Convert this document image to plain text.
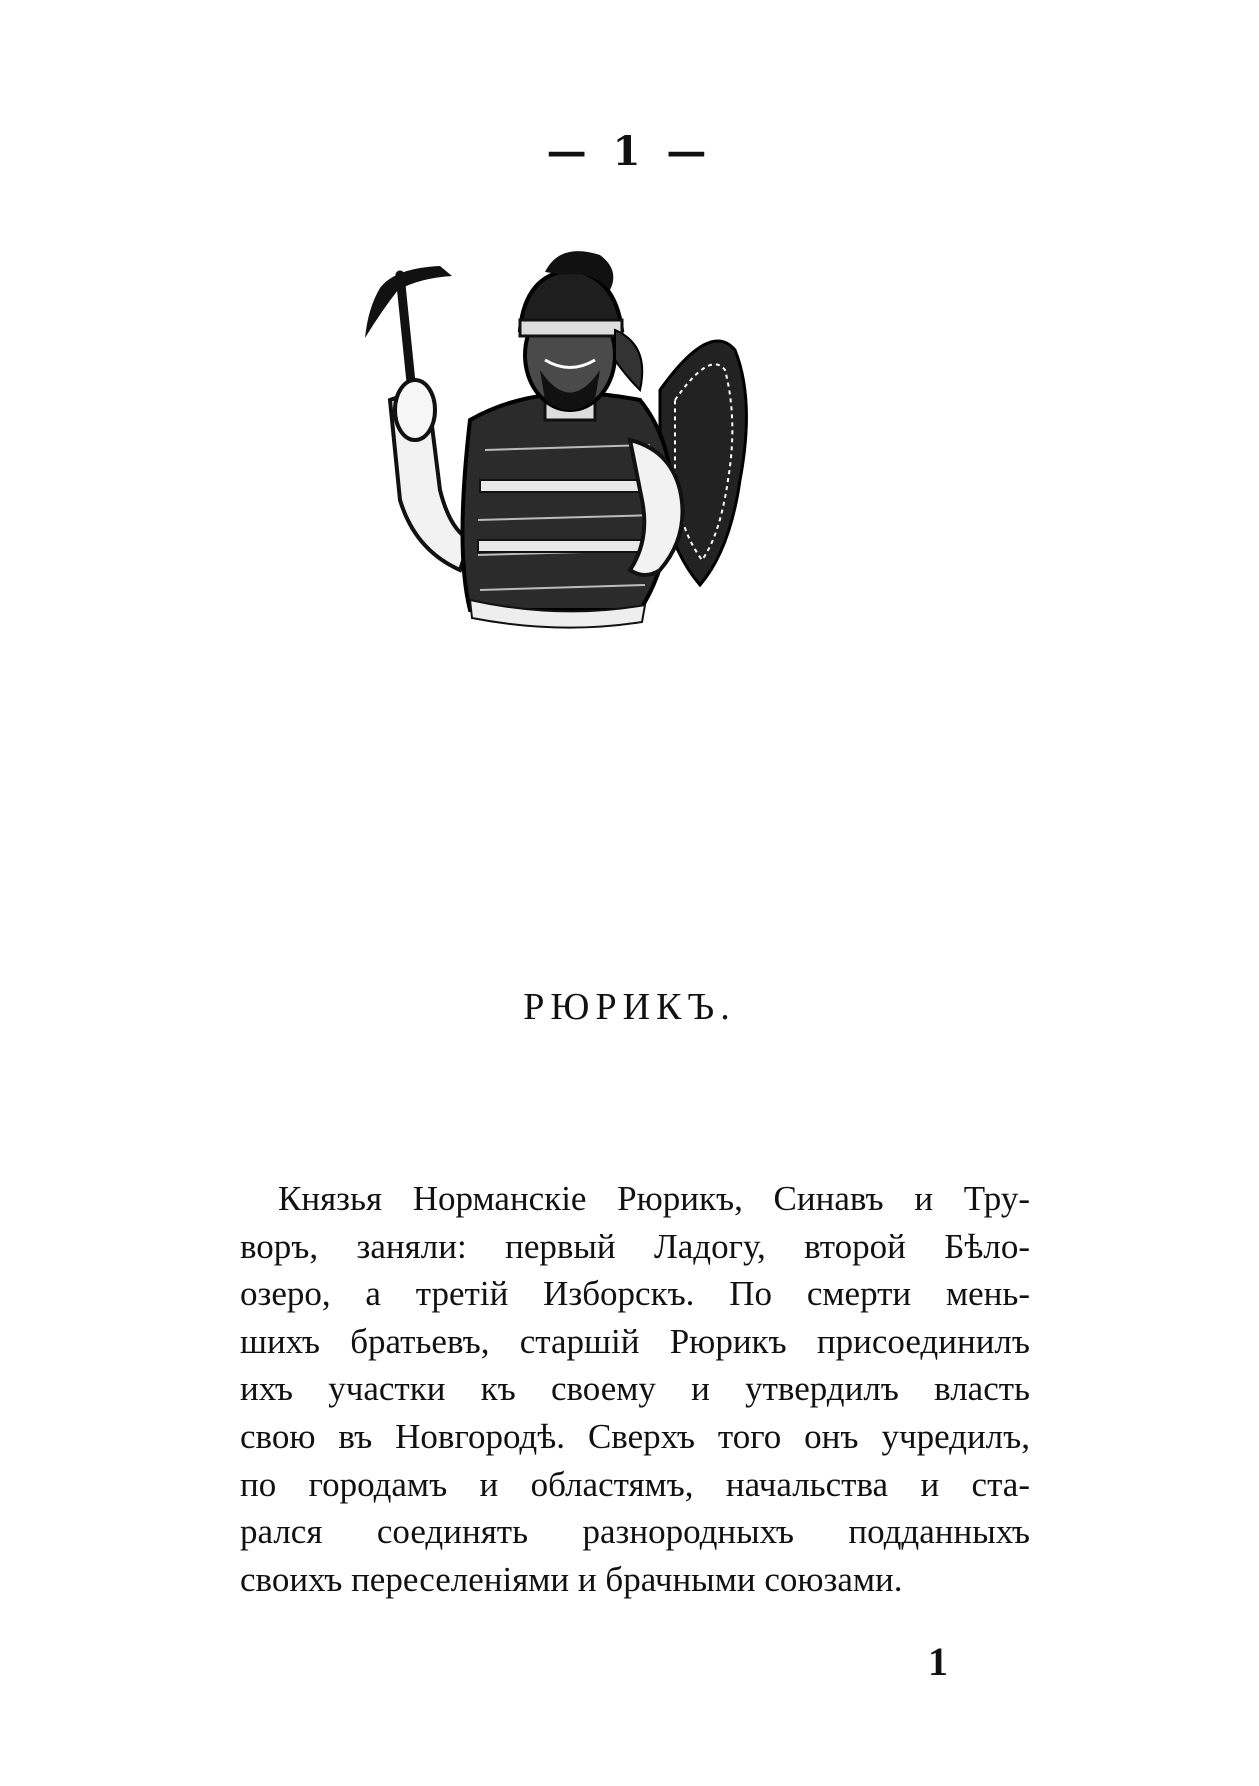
— 1 —
РЮРИКЪ.
Князья Норманскіе Рюрикъ, Синавъ и Тру-
воръ, заняли: первый Ладогу, второй Бѣло-
озеро, а третій Изборскъ. По смерти мень-
шихъ братьевъ, старшій Рюрикъ присоединилъ
ихъ участки къ своему и утвердилъ власть
свою въ Новгородѣ. Сверхъ того онъ учредилъ,
по городамъ и областямъ, начальства и ста-
рался соединять разнородныхъ подданныхъ
своихъ переселеніями и брачными союзами.
1
